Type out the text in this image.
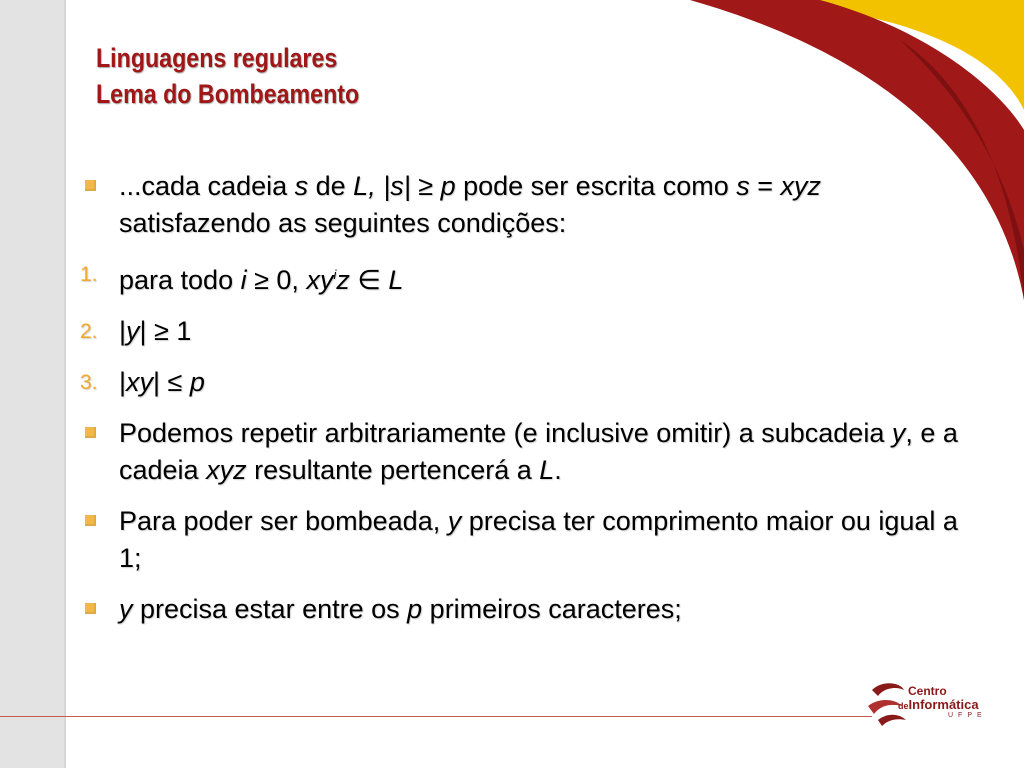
Linguagens regulares
Lema do Bombeamento

...cada cadeia s de L, |s| ≥ p pode ser escrita como s = xyz satisfazendo as seguintes condições:

1. para todo i ≥ 0, $xy^iz$ ∈ L

2. |y| ≥ 1

3. |xy| ≤ p

Podemos repetir arbitrariamente (e inclusive omitir) a subcadeia y, e a cadeia xyz resultante pertencerá a L.

Para poder ser bombeada, y precisa ter comprimento maior ou igual a 1;

y precisa estar entre os p primeiros caracteres;

Centro
deInformática
UFPE
